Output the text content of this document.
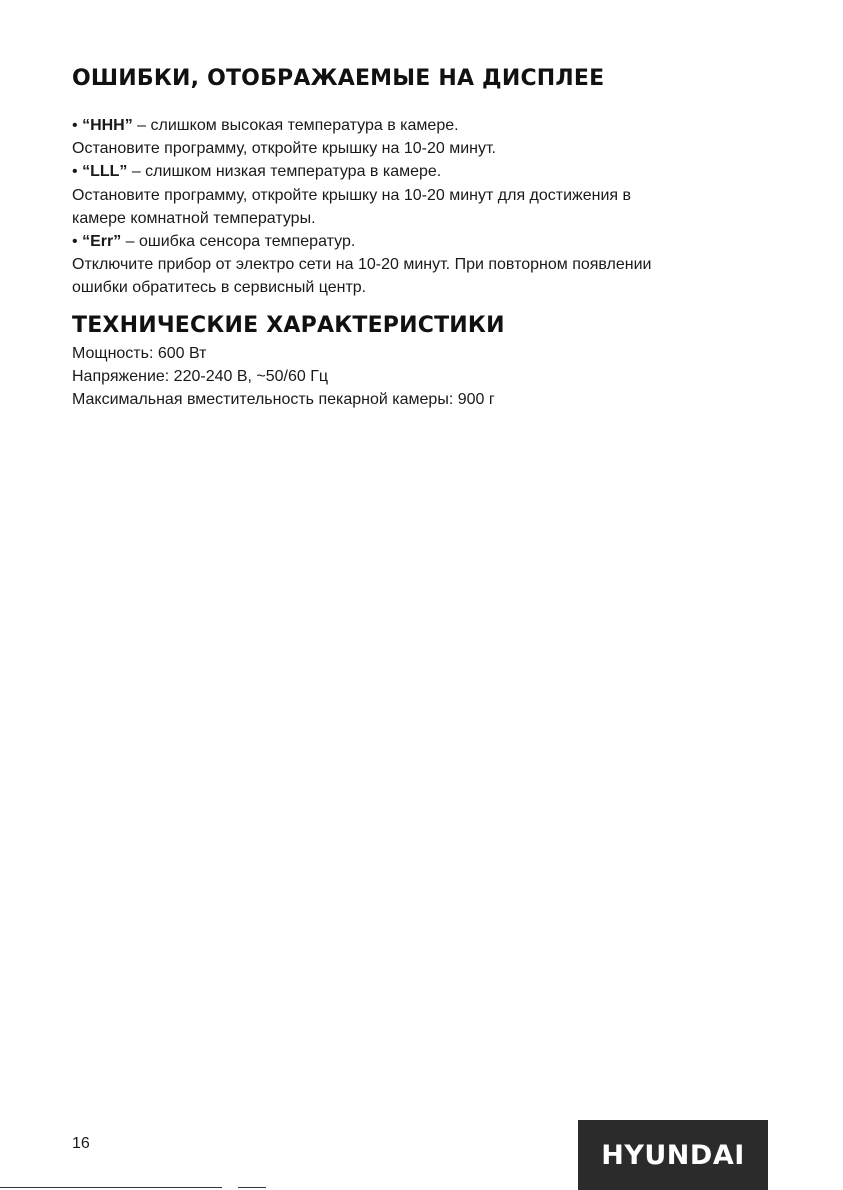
ОШИБКИ, ОТОБРАЖАЕМЫЕ НА ДИСПЛЕЕ

• “HHH” – слишком высокая температура в камере.

Остановите программу, откройте крышку на 10-20 минут.

• “LLL” – слишком низкая температура в камере.

Остановите программу, откройте крышку на 10-20 минут для достижения в

камере комнатной температуры.

• “Err” – ошибка сенсора температур.

Отключите прибор от электро сети на 10-20 минут. При повторном появлении

ошибки обратитесь в сервисный центр.

ТЕХНИЧЕСКИЕ ХАРАКТЕРИСТИКИ

Мощность: 600 Вт

Напряжение: 220-240 В, ~50/60 Гц

Максимальная вместительность пекарной камеры: 900 г

16	HYUNDAI
